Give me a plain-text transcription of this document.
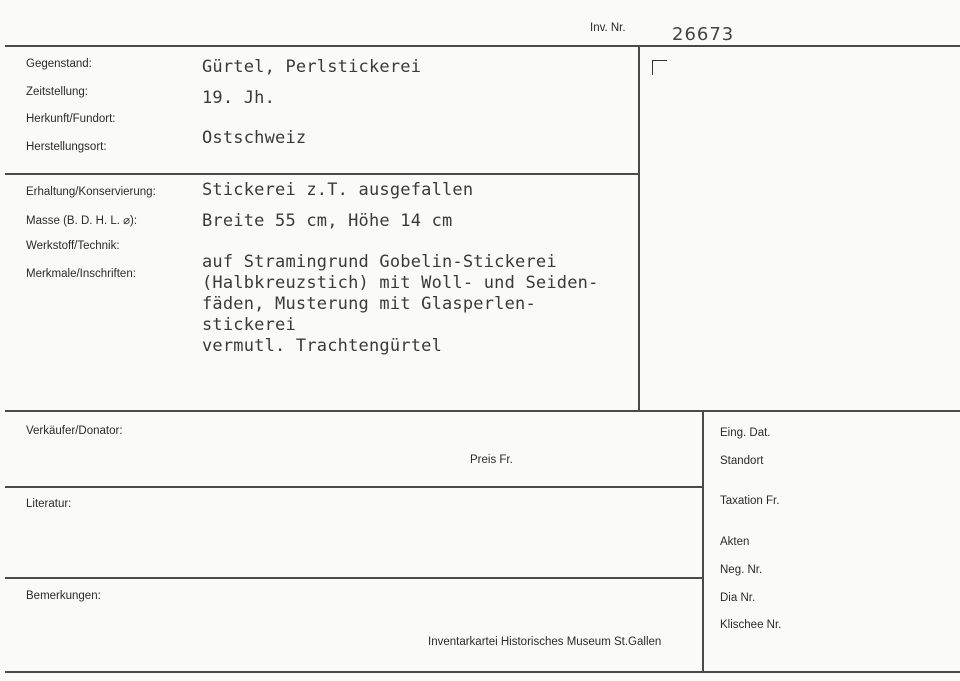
Inv. Nr.	26673
Gegenstand:
Zeitstellung:
Herkunft/Fundort:
Herstellungsort:
Gürtel, Perlstickerei
19. Jh.
Ostschweiz
Erhaltung/Konservierung:
Masse (B. D. H. L. ⌀):
Werkstoff/Technik:
Merkmale/Inschriften:
Stickerei z.T. ausgefallen
Breite 55 cm, Höhe 14 cm
auf Stramingrund Gobelin-Stickerei
(Halbkreuzstich) mit Woll- und Seiden-
fäden, Musterung mit Glasperlen-
stickerei
vermutl. Trachtengürtel
Verkäufer/Donator:
Preis Fr.
Literatur:
Bemerkungen:
Inventarkartei Historisches Museum St.Gallen
Eing. Dat.
Standort
Taxation Fr.
Akten
Neg. Nr.
Dia Nr.
Klischee Nr.
